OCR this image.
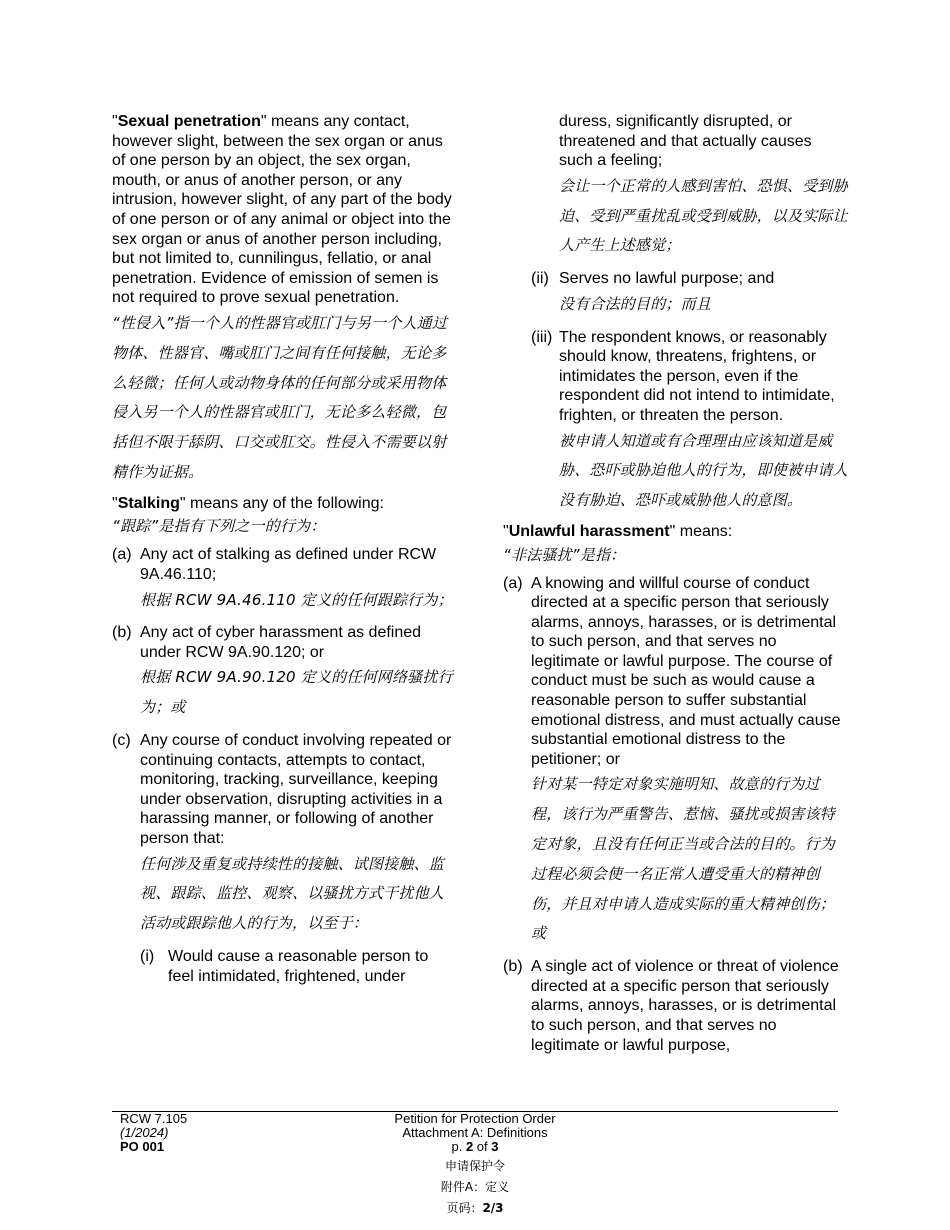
"Sexual penetration" means any contact, however slight, between the sex organ or anus of one person by an object, the sex organ, mouth, or anus of another person, or any intrusion, however slight, of any part of the body of one person or of any animal or object into the sex organ or anus of another person including, but not limited to, cunnilingus, fellatio, or anal penetration. Evidence of emission of semen is not required to prove sexual penetration.

“性侵入”指一个人的性器官或肛门与另一个人通过物体、性器官、嘴或肛门之间有任何接触，无论多么轻微；任何人或动物身体的任何部分或采用物体侵入另一个人的性器官或肛门，无论多么轻微，包括但不限于舔阴、口交或肛交。性侵入不需要以射精作为证据。

"Stalking" means any of the following:

“跟踪”是指有下列之一的行为：

(a) Any act of stalking as defined under RCW 9A.46.110;

根据 RCW 9A.46.110 定义的任何跟踪行为；

(b) Any act of cyber harassment as defined under RCW 9A.90.120; or

根据 RCW 9A.90.120 定义的任何网络骚扰行为；或

(c) Any course of conduct involving repeated or continuing contacts, attempts to contact, monitoring, tracking, surveillance, keeping under observation, disrupting activities in a harassing manner, or following of another person that:

任何涉及重复或持续性的接触、试图接触、监视、跟踪、监控、观察、以骚扰方式干扰他人活动或跟踪他人的行为，以至于：

(i) Would cause a reasonable person to feel intimidated, frightened, under

duress, significantly disrupted, or threatened and that actually causes such a feeling;

会让一个正常的人感到害怕、恐惧、受到胁迫、受到严重扰乱或受到威胁，以及实际让人产生上述感觉；

(ii) Serves no lawful purpose; and

没有合法的目的；而且

(iii) The respondent knows, or reasonably should know, threatens, frightens, or intimidates the person, even if the respondent did not intend to intimidate, frighten, or threaten the person.

被申请人知道或有合理理由应该知道是威胁、恐吓或胁迫他人的行为，即使被申请人没有胁迫、恐吓或威胁他人的意图。

"Unlawful harassment" means:

“非法骚扰”是指：

(a) A knowing and willful course of conduct directed at a specific person that seriously alarms, annoys, harasses, or is detrimental to such person, and that serves no legitimate or lawful purpose. The course of conduct must be such as would cause a reasonable person to suffer substantial emotional distress, and must actually cause substantial emotional distress to the petitioner; or

针对某一特定对象实施明知、故意的行为过程，该行为严重警告、惹恼、骚扰或损害该特定对象，且没有任何正当或合法的目的。行为过程必须会使一名正常人遭受重大的精神创伤，并且对申请人造成实际的重大精神创伤；或

(b) A single act of violence or threat of violence directed at a specific person that seriously alarms, annoys, harasses, or is detrimental to such person, and that serves no legitimate or lawful purpose,

RCW 7.105
(1/2024)
PO 001
Petition for Protection Order
Attachment A: Definitions
p. 2 of 3
申请保护令
附件A：定义
页码：2/3
